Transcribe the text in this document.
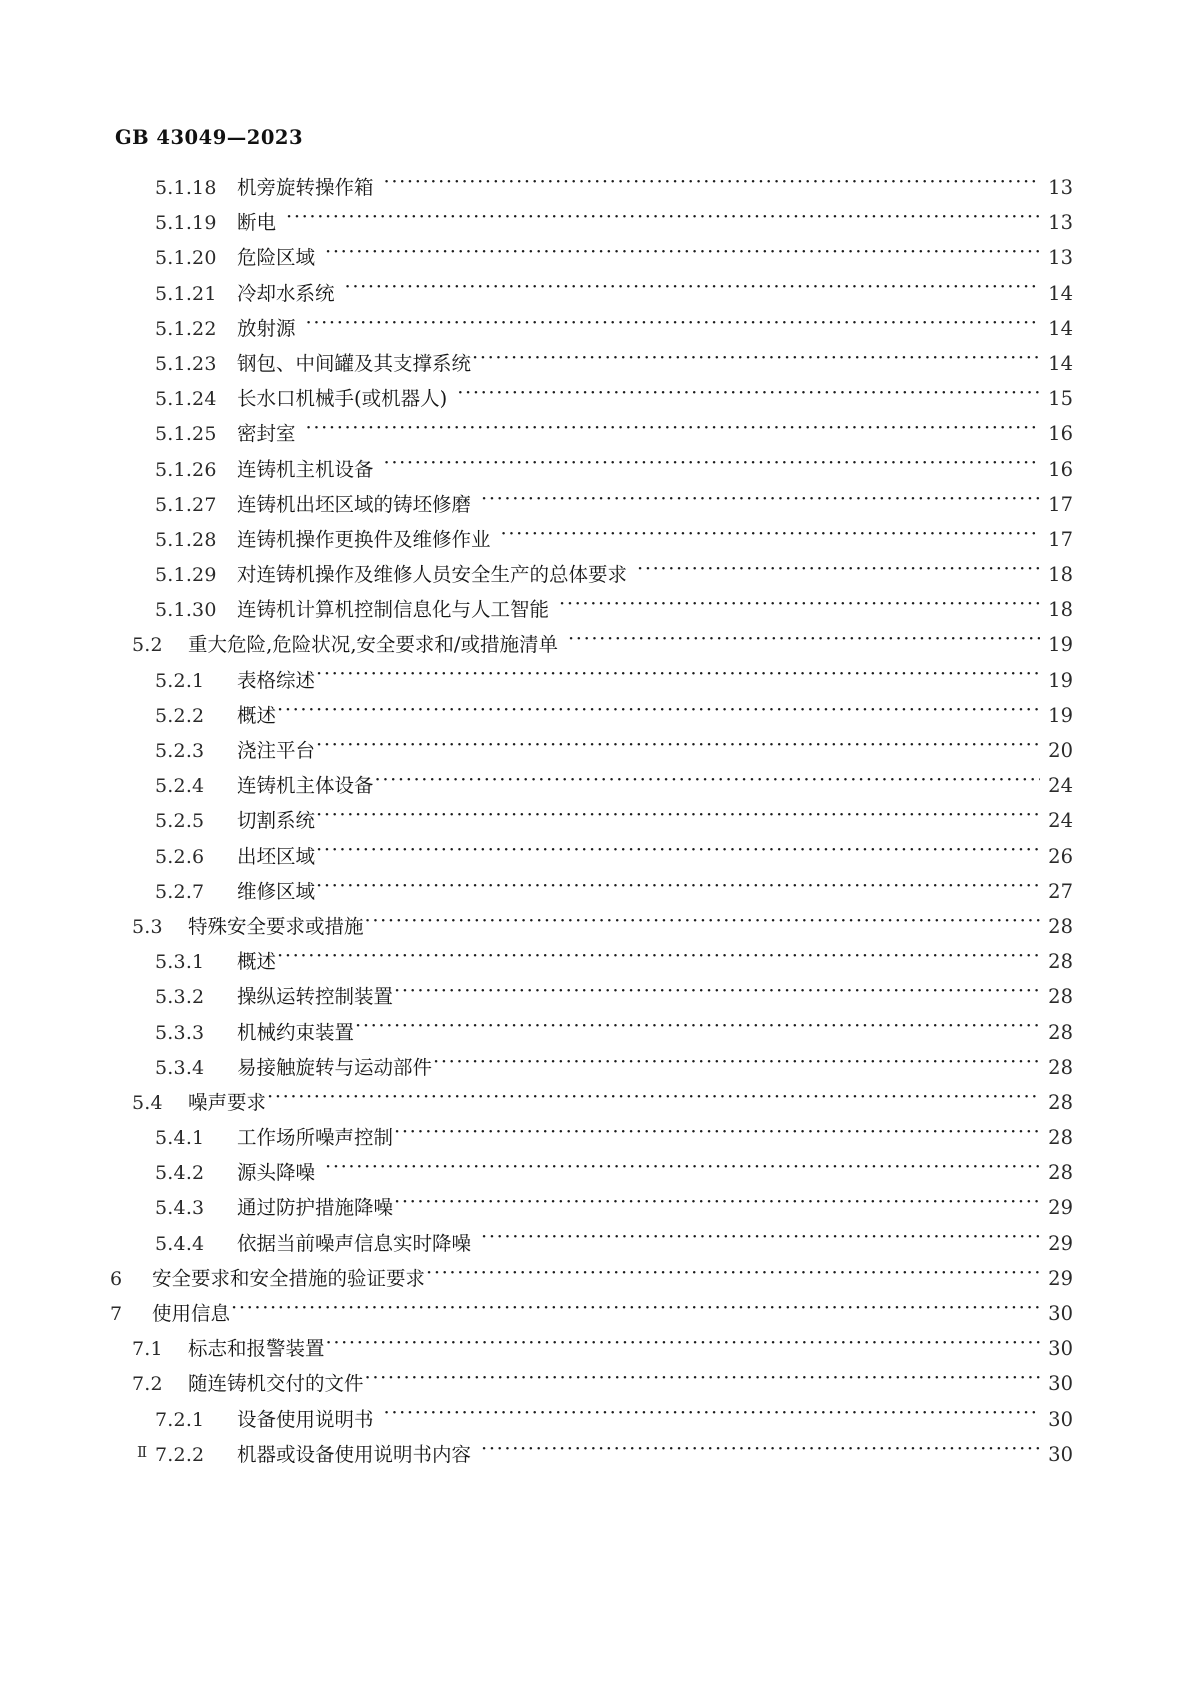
GB 43049—2023
5.1.18 机旁旋转操作箱 ·····	13
5.1.19 断电 ·····	13
5.1.20 危险区域 ·····	13
5.1.21 冷却水系统 ·····	14
5.1.22 放射源 ·····	14
5.1.23 钢包、中间罐及其支撑系统 ·····	14
5.1.24 长水口机械手(或机器人) ·····	15
5.1.25 密封室 ·····	16
5.1.26 连铸机主机设备 ·····	16
5.1.27 连铸机出坯区域的铸坯修磨 ·····	17
5.1.28 连铸机操作更换件及维修作业 ·····	17
5.1.29 对连铸机操作及维修人员安全生产的总体要求 ·····	18
5.1.30 连铸机计算机控制信息化与人工智能 ·····	18
5.2	重大危险‚危险状况‚安全要求和/或措施清单 ·····	19
5.2.1	表格综述 ·····	19
5.2.2	概述 ·····	19
5.2.3	浇注平台 ·····	20
5.2.4	连铸机主体设备 ·····	24
5.2.5	切割系统 ·····	24
5.2.6	出坯区域 ·····	26
5.2.7	维修区域 ·····	27
5.3	特殊安全要求或措施 ·····	28
5.3.1	概述 ·····	28
5.3.2	操纵运转控制装置 ·····	28
5.3.3	机械约束装置 ·····	28
5.3.4	易接触旋转与运动部件 ·····	28
5.4	噪声要求 ·····	28
5.4.1	工作场所噪声控制 ·····	28
5.4.2	源头降噪 ·····	28
5.4.3	通过防护措施降噪 ·····	29
5.4.4	依据当前噪声信息实时降噪 ·····	29
6	安全要求和安全措施的验证要求 ·····	29
7	使用信息 ·····	30
7.1	标志和报警装置 ·····	30
7.2	随连铸机交付的文件 ·····	30
7.2.1	设备使用说明书 ·····	30
7.2.2	机器或设备使用说明书内容 ·····	30
Ⅱ
